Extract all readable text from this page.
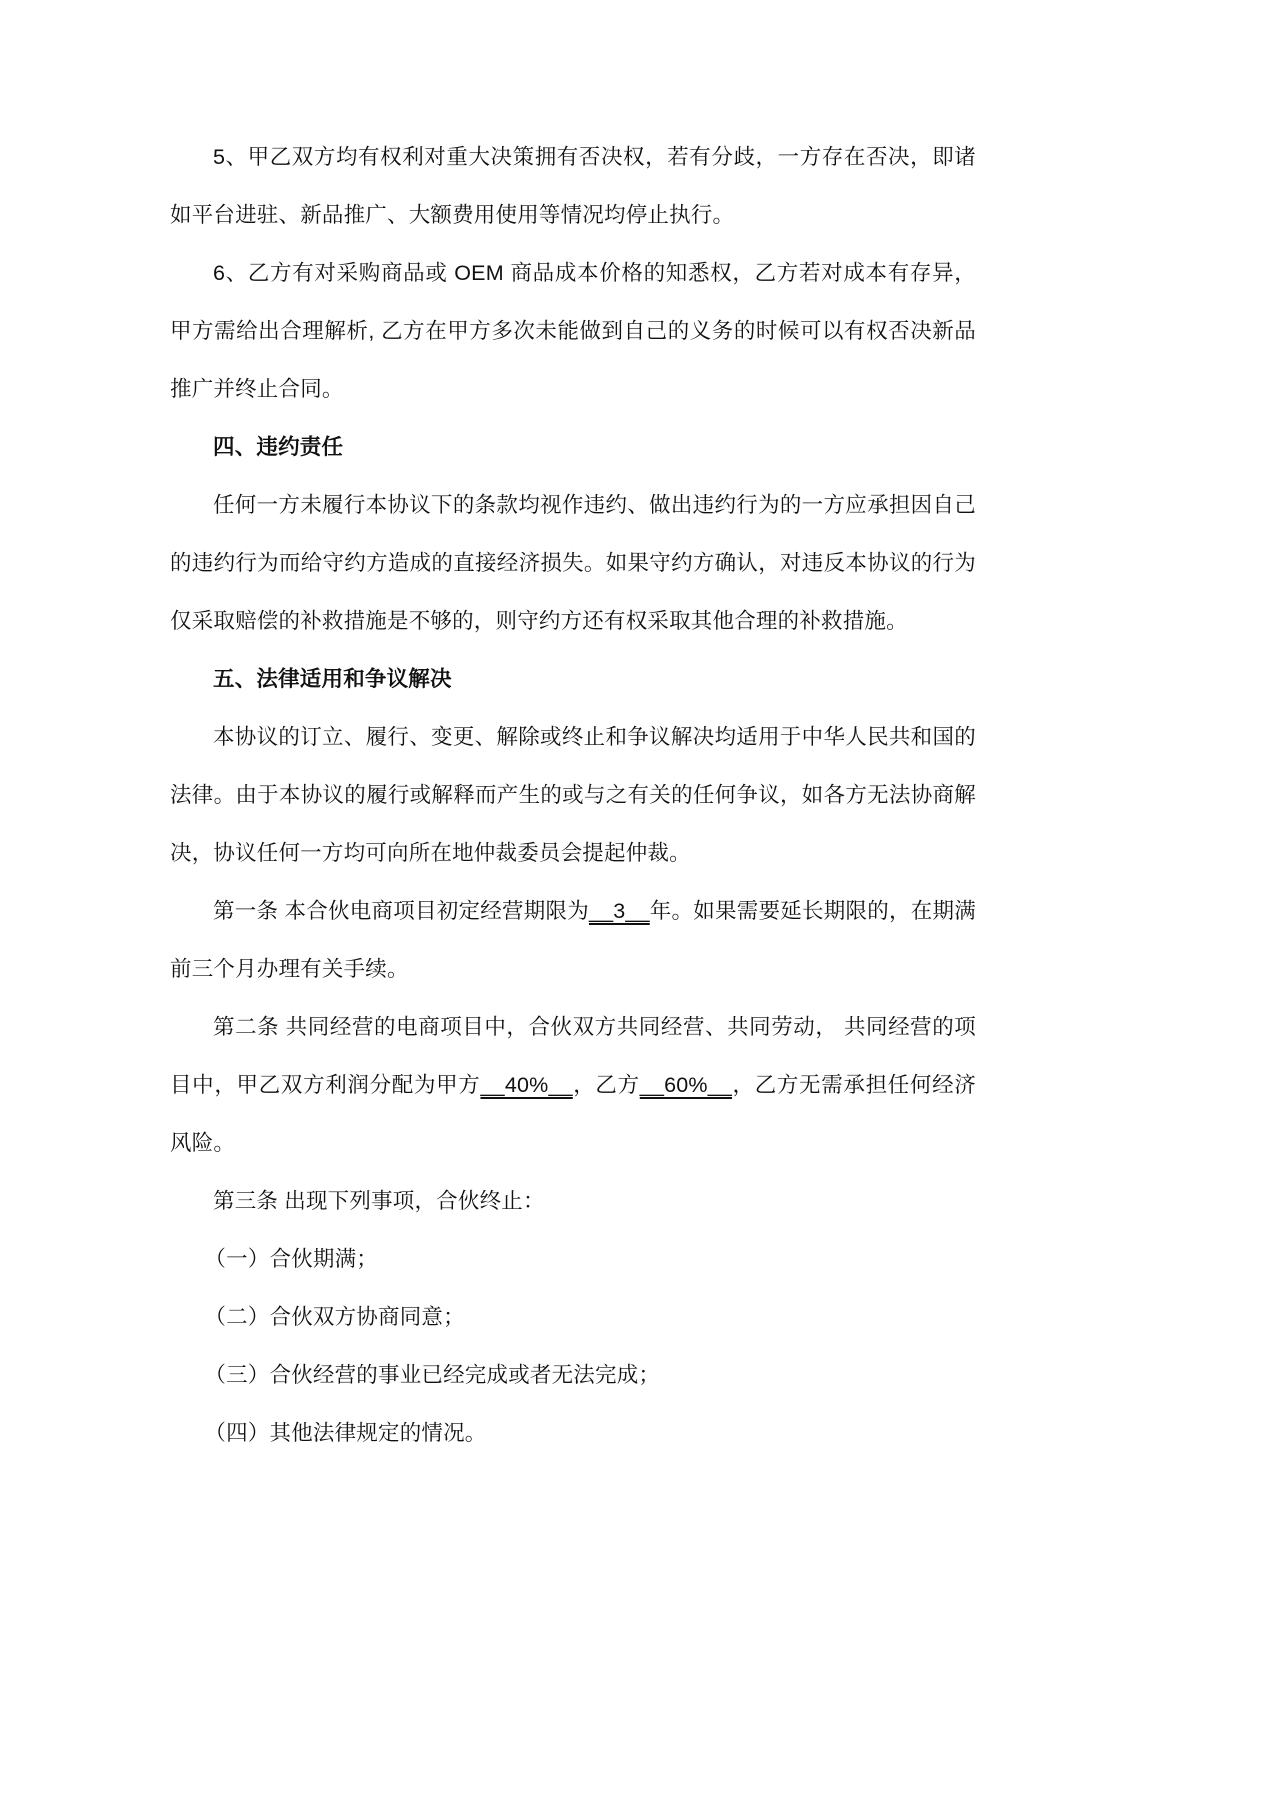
5、甲乙双方均有权利对重大决策拥有否决权，若有分歧，一方存在否决，即诸如平台进驻、新品推广、大额费用使用等情况均停止执行。

6、乙方有对采购商品或 OEM 商品成本价格的知悉权，乙方若对成本有存异，甲方需给出合理解析, 乙方在甲方多次未能做到自己的义务的时候可以有权否决新品推广并终止合同。

四、违约责任

任何一方未履行本协议下的条款均视作违约、做出违约行为的一方应承担因自己的违约行为而给守约方造成的直接经济损失。如果守约方确认，对违反本协议的行为仅采取赔偿的补救措施是不够的，则守约方还有权采取其他合理的补救措施。

五、法律适用和争议解决

本协议的订立、履行、变更、解除或终止和争议解决均适用于中华人民共和国的法律。由于本协议的履行或解释而产生的或与之有关的任何争议，如各方无法协商解决，协议任何一方均可向所在地仲裁委员会提起仲裁。

第一条 本合伙电商项目初定经营期限为__3__年。如果需要延长期限的，在期满前三个月办理有关手续。

第二条 共同经营的电商项目中，合伙双方共同经营、共同劳动， 共同经营的项目中，甲乙双方利润分配为甲方__40%__，乙方__60%__，乙方无需承担任何经济风险。

第三条 出现下列事项，合伙终止：

（一）合伙期满；

（二）合伙双方协商同意；

（三）合伙经营的事业已经完成或者无法完成；

（四）其他法律规定的情况。
